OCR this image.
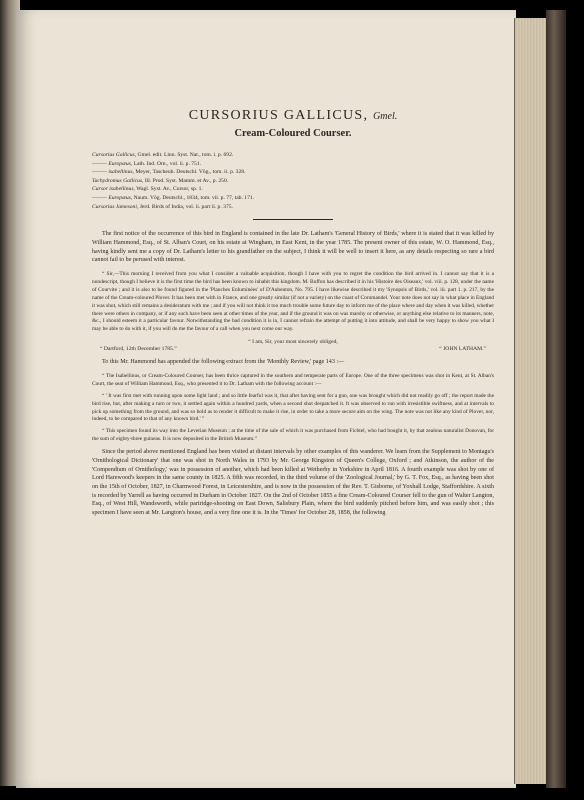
CURSORIUS GALLICUS, Gmel.

Cream-Coloured Courser.

Cursorius Gallicus, Gmel. edit. Linn. Syst. Nat., tom. i. p. 692.
——— Europæus, Lath. Ind. Orn., vol. ii. p. 751.
——— isabellinus, Meyer, Tascheub. Deutschl. Vög., tom. ii. p. 328.
Tachydromus Gallicus, Ill. Prod. Syst. Mamm. et Av., p. 250.
Cursor isabellinus, Wagl. Syst. Av., Cursor, sp. 1.
——— Europæus, Naum. Vög. Deutschl., 1834, tom. vii. p. 77, tab. 171.
Cursorius Jamesoni, Jerd. Birds of India, vol. ii. part ii. p. 375.

The first notice of the occurrence of this bird in England is contained in the late Dr. Latham's 'General History of Birds,' where it is stated that it was killed by William Hammond, Esq., of St. Alban's Court, on his estate at Wingham, in East Kent, in the year 1785. The present owner of this estate, W. O. Hammond, Esq., having kindly sent me a copy of Dr. Latham's letter to his grandfather on the subject, I think it will be well to insert it here, as any details respecting so rare a bird cannot fail to be perused with interest.

“ Sir,—This morning I received from you what I consider a valuable acquisition, though I have with you to regret the condition the bird arrived in. I cannot say that it is a nondescript, though I believe it is the first time the bird has been known to inhabit this kingdom. M. Buffon has described it in his 'Histoire des Oiseaux,' vol. viii. p. 128, under the name of Courvite ; and it is also to be found figured in the 'Planches Enluminées' of D'Aubenton, No. 795. I have likewise described it my 'Synopsis of Birds,' vol. iii. part 1. p. 217, by the name of the Cream-coloured Plover. It has been met with in France, and one greatly similar (if not a variety) on the coast of Coromandel. Your note does not say in what place in England it was shot, which still remains a desideratum with me ; and if you will not think it too much trouble some future day to inform me of the place where and day when it was killed, whether there were others in company, or if any such have been seen at other times of the year, and if the ground it was on was marshy or otherwise, or anything else relative to its manners, note, &c., I should esteem it a particular favour. Notwithstanding the bad condition it is in, I cannot refrain the attempt of putting it into attitude, and shall be very happy to show you what I may be able to do with it, if you will do me the favour of a call when you next come our way.

“ I am, Sir, your most sincerely obliged,

“ Dartford, 12th December 1785.”	“ JOHN LATHAM.”

To this Mr. Hammond has appended the following extract from the 'Monthly Review,' page 143 :—

“ The Isabellinus, or Cream-Coloured Courser, has been thrice captured in the southern and temperate parts of Europe. One of the three specimens was shot in Kent, at St. Alban's Court, the seat of William Hammond, Esq., who presented it to Dr. Latham with the following account :—

“ ' It was first met with running upon some light land ; and so little fearful was it, that after having sent for a gun, one was brought which did not readily go off ; the report made the bird rise, but, after making a turn or two, it settled again within a hundred yards, when a second shot despatched it. It was observed to run with irresistible swiftness, and at intervals to pick up something from the ground, and was so bold as to render it difficult to make it rise, in order to take a more secure aim on the wing. The note was not like any kind of Plover, nor, indeed, to be compared to that of any known bird.' ”

“ This specimen found its way into the Leverian Museum ; at the time of the sale of which it was purchased from Fichtel, who had bought it, by that zealous naturalist Donovan, for the sum of eighty-three guineas. It is now deposited in the British Museum.”

Since the period above mentioned England has been visited at distant intervals by other examples of this wanderer. We learn from the Supplement to Montagu's 'Ornithological Dictionary' that one was shot in North Wales in 1793 by Mr. George Kingston of Queen's College, Oxford ; and Atkinson, the author of the 'Compendium of Ornithology,' was in possession of another, which had been killed at Wetherby in Yorkshire in April 1816. A fourth example was shot by one of Lord Harewood's keepers in the same county in 1825. A fifth was recorded, in the third volume of the 'Zoological Journal,' by G. T. Fox, Esq., as having been shot on the 15th of October, 1827, in Charnwood Forest, in Leicestershire, and is now in the possession of the Rev. T. Gisborne, of Yoxhall Lodge, Staffordshire. A sixth is recorded by Yarrell as having occurred in Durham in October 1827. On the 2nd of October 1855 a fine Cream-Coloured Courser fell to the gun of Walter Langton, Esq., of West Hill, Wandsworth, while partridge-shooting on East Down, Salisbury Plain, where the bird suddenly pitched before him, and was easily shot ; this specimen I have seen at Mr. Langton's house, and a very fine one it is. In the 'Times' for October 28, 1858, the following
